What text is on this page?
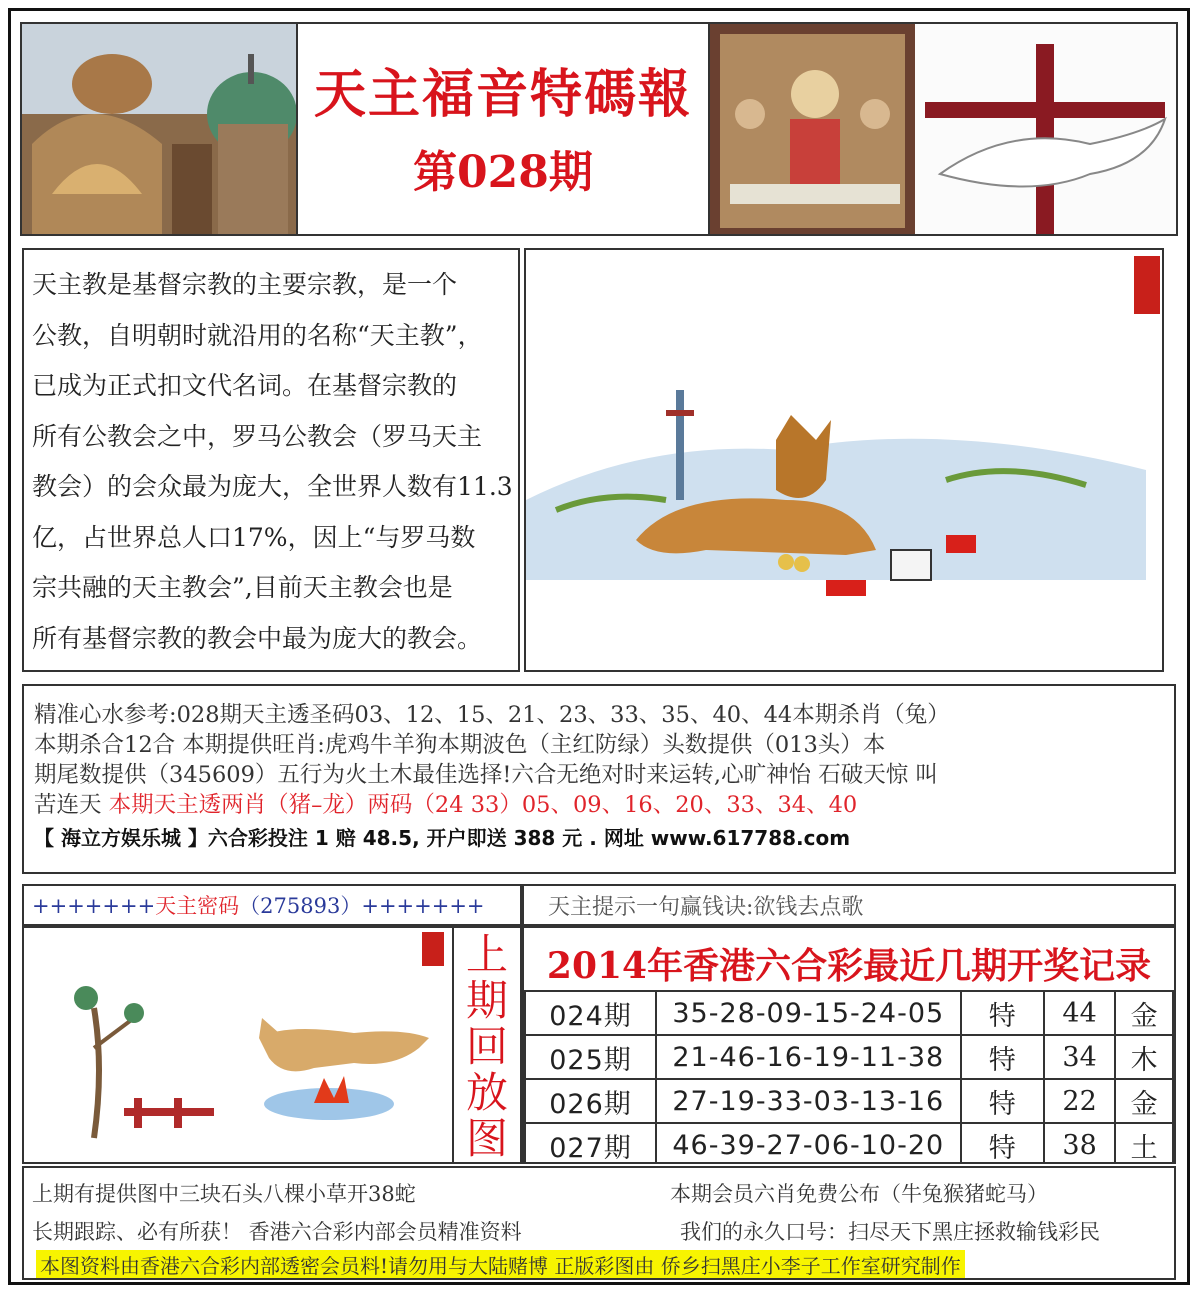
天主福音特碼報
第028期

天主教是基督宗教的主要宗教，是一个

公教，自明朝时就沿用的名称“天主教”，

已成为正式扣文代名词。在基督宗教的

所有公教会之中，罗马公教会（罗马天主

教会）的会众最为庞大，全世界人数有11.3

亿，占世界总人口17%，因上“与罗马数

宗共融的天主教会”,目前天主教会也是

所有基督宗教的教会中最为庞大的教会。

精准心水参考:028期天主透圣码03、12、15、21、23、33、35、40、44本期杀肖（兔）
本期杀合12合 本期提供旺肖:虎鸡牛羊狗本期波色（主红防绿）头数提供（013头）本
期尾数提供（345609）五行为火土木最佳选择!六合无绝对时来运转,心旷神怡 石破天惊 叫
苦连天 本期天主透两肖（猪–龙）两码（24 33）05、09、16、20、33、34、40
【 海立方娱乐城 】六合彩投注 1 赔 48.5, 开户即送 388 元 . 网址 www.617788.com
+++++++天主密码（275893）+++++++	天主提示一句赢钱诀:欲钱去点歌
上
期
回
放
图
2014年香港六合彩最近几期开奖记录
024期	35-28-09-15-24-05	特	44	金
025期	21-46-16-19-11-38	特	34	木
026期	27-19-33-03-13-16	特	22	金
027期	46-39-27-06-10-20	特	38	土
上期有提供图中三块石头八棵小草开38蛇	本期会员六肖免费公布（牛兔猴猪蛇马）
长期跟踪、必有所获！ 香港六合彩内部会员精准资料	我们的永久口号：扫尽天下黑庄拯救输钱彩民
本图资料由香港六合彩内部透密会员料!请勿用与大陆赌博 正版彩图由 侨乡扫黑庄小李子工作室研究制作
